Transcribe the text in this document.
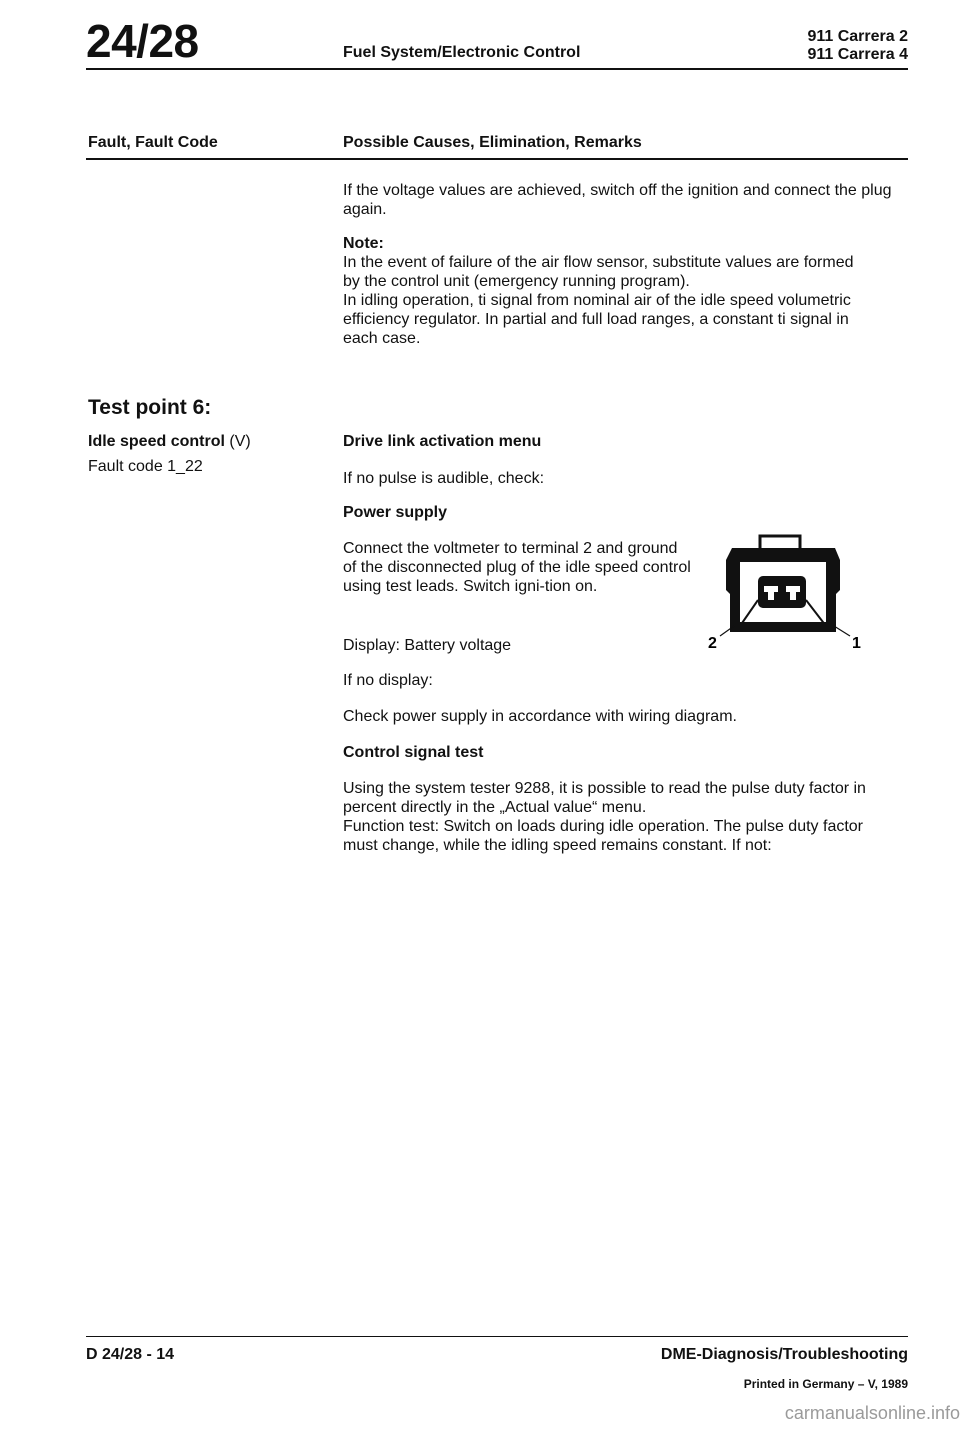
24/28	Fuel System/Electronic Control
911 Carrera 2
911 Carrera 4
Fault, Fault Code	Possible Causes, Elimination, Remarks
If the voltage values are achieved, switch off the ignition and connect the plug again.
Note:
In the event of failure of the air flow sensor, substitute values are formed by the control unit (emergency running program).
In idling operation, ti signal from nominal air of the idle speed volumetric efficiency regulator. In partial and full load ranges, a constant ti signal in each case.
Test point 6:
Idle speed control (V)
Fault code 1_22
Drive link activation menu
If no pulse is audible, check:
Power supply
Connect the voltmeter to terminal 2 and ground of the disconnected plug of the idle speed control using test leads. Switch igni-tion on.
Display: Battery voltage
If no display:
Check power supply in accordance with wiring diagram.
Control signal test
Using the system tester 9288, it is possible to read the pulse duty factor in percent directly in the „Actual value“ menu.
Function test: Switch on loads during idle operation. The pulse duty factor must change, while the idling speed remains constant. If not:
2	1
D 24/28 - 14	DME-Diagnosis/Troubleshooting
Printed in Germany – V, 1989
carmanualsonline.info
